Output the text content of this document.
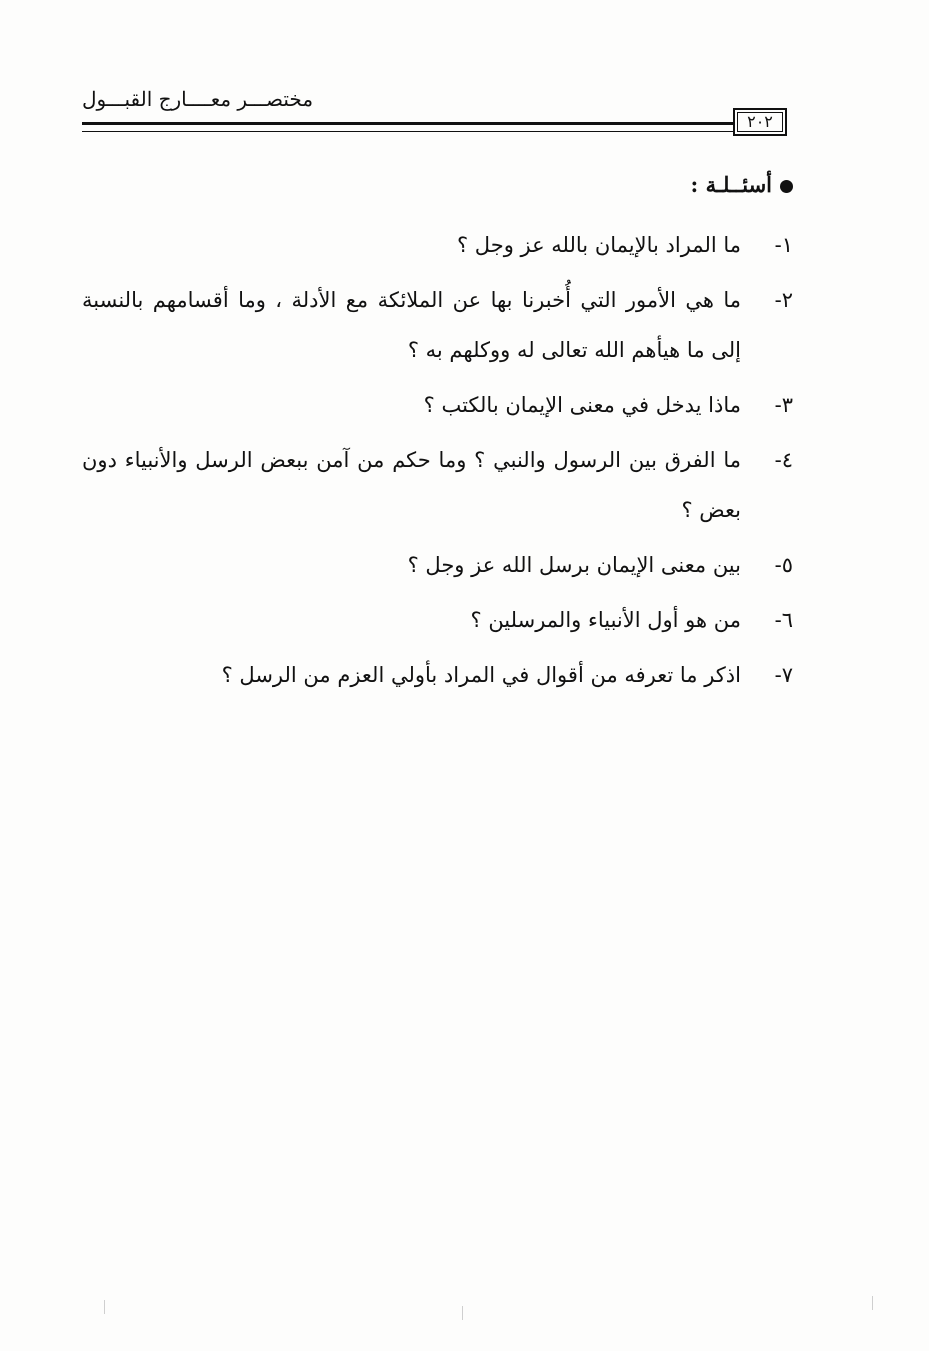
مختصـــر معــــارج القبـــول
٢٠٢
أسئــلـة :
١-
ما المراد بالإيمان بالله عز وجل ؟
٢-
ما هي الأمور التي أُخبرنا بها عن الملائكة مع الأدلة ، وما أقسامهم بالنسبة إلى ما هيأهم الله تعالى له ووكلهم به ؟
٣-
ماذا يدخل في معنى الإيمان بالكتب ؟
٤-
ما الفرق بين الرسول والنبي ؟ وما حكم من آمن ببعض الرسل والأنبياء دون بعض ؟
٥-
بين معنى الإيمان برسل الله عز وجل ؟
٦-
من هو أول الأنبياء والمرسلين ؟
٧-
اذكر ما تعرفه من أقوال في المراد بأولي العزم من الرسل ؟
